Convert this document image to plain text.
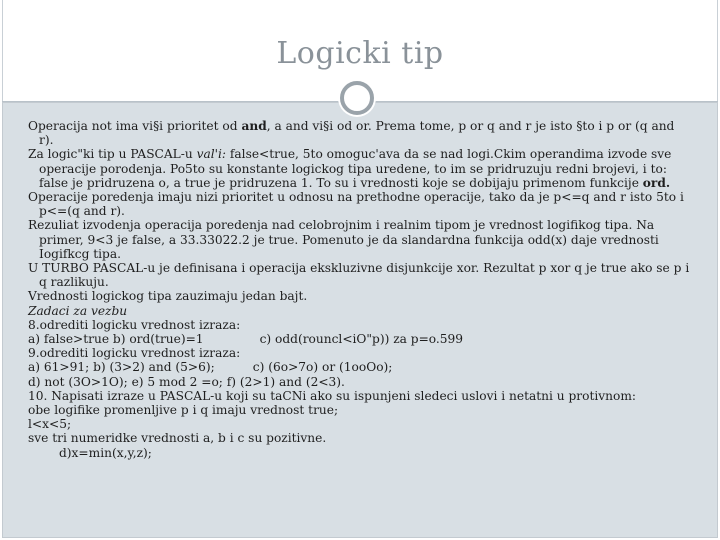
Logicki tip

Operacija not ima vi§i prioritet od and, a and vi§i od or. Prema tome, p or q and r je isto §to i p or (q and r).

Za logic"ki tip u PASCAL-u val'i: false<true, 5to omoguc'ava da se nad logi.Ckim operandima izvode sve operacije porodenja. Po5to su konstante logickog tipa uredene, to im se pridruzuju redni brojevi, i to: false je pridruzena o, a true je pridruzena 1. To su i vrednosti koje se dobijaju primenom funkcije ord.

Operacije poredenja imaju nizi prioritet u odnosu na prethodne operacije, tako da je p<=q and r isto 5to i p<=(q and r).

Rezuliat izvodenja operacija poredenja nad celobrojnim i realnim tipom je vrednost logifikog tipa. Na primer, 9<3 je false, a 33.33022.2 je true. Pomenuto je da slandardna funkcija odd(x) daje vrednosti Iogifkcg tipa.

U TURBO PASCAL-u je definisana i operacija ekskluzivne disjunkcije xor. Rezultat p xor q je true ako se p i q razlikuju.

Vrednosti logickog tipa zauzimaju jedan bajt.

Zadaci za vezbu

8.odrediti logicku vrednost izraza:

a) false>true b) ord(true)=1	c) odd(rouncl<iO"p)) za p=o.599

9.odrediti logicku vrednost izraza:

a) 61>91; b) (3>2) and (5>6);	c) (6o>7o) or (1ooOo);

d) not (3O>1O); e) 5 mod 2 =o; f) (2>1) and (2<3).

10. Napisati izraze u PASCAL-u koji su taCNi ako su ispunjeni sledeci uslovi i netatni u protivnom:

obe logifike promenljive p i q imaju vrednost true;

l<x<5;

sve tri numeridke vrednosti a, b i c su pozitivne.

d)x=min(x,y,z);
